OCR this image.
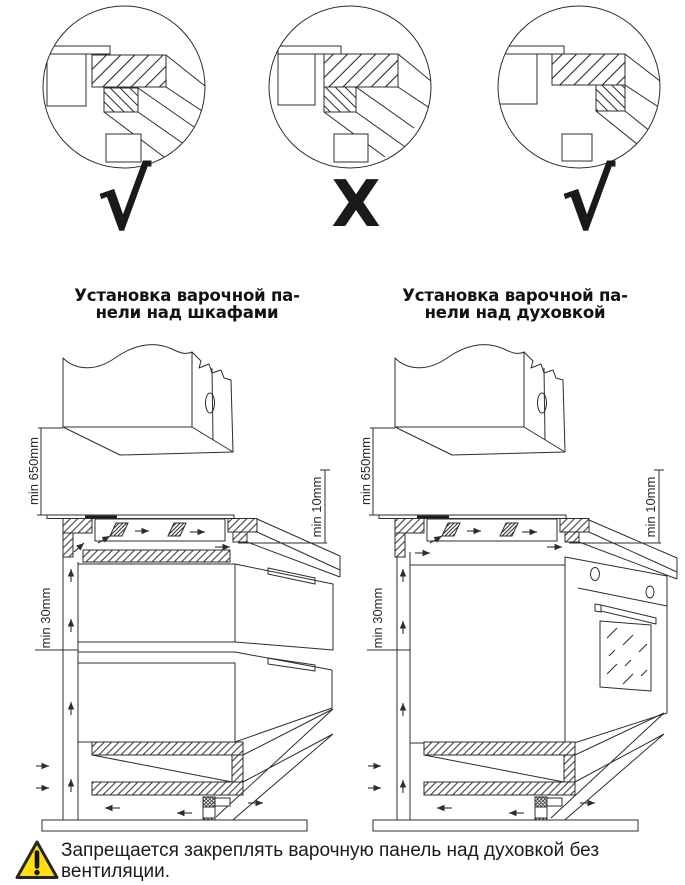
√	X √
Установка варочной па-
нели над шкафами
Установка варочной па-
нели над духовкой
min 650mm
min 10mm
min 30mm
min 650mm
min 10mm
min 30mm
Запрещается закреплять варочную панель над духовкой без
вентиляции.
